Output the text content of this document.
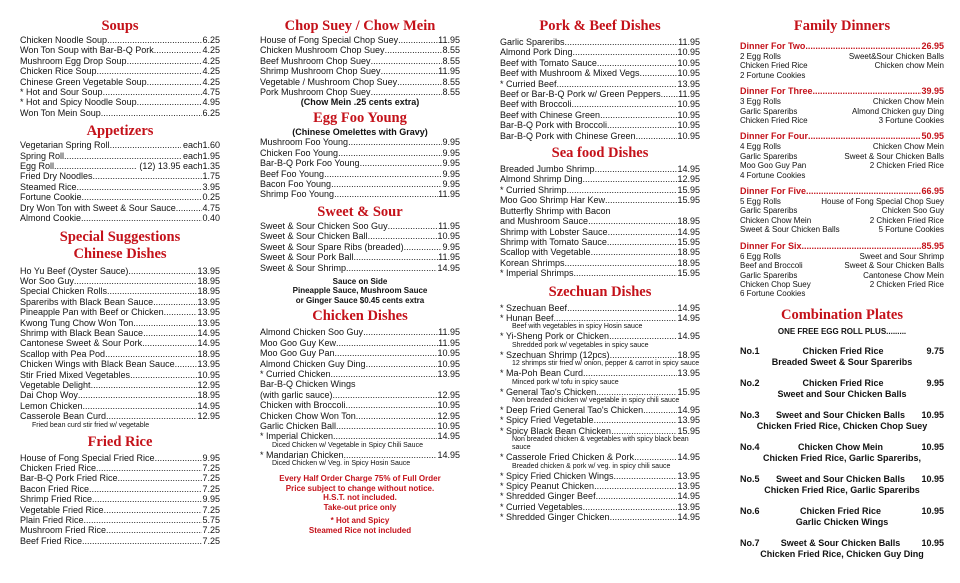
Soups
Chicken Noodle Soup .....	6.25
Won Ton Soup with Bar-B-Q Pork .....	4.25
Mushroom Egg Drop Soup .....	4.25
Chicken Rice Soup .....	4.25
Chinese Green Vegetable Soup .....	4.25
* Hot and Sour Soup .....	4.75
* Hot and Spicy Noodle Soup .....	4.95
Won Ton Mein Soup .....	6.25
Appetizers
Vegetarian Spring Roll .....	each 1.60
Spring Roll .....	each 1.95
Egg Roll .....	(12) 13.95 each 1.35
Fried Dry Noodles .....	1.75
Steamed Rice .....	3.95
Fortune Cookie .....	0.25
Dry Won Ton with Sweet & Sour Sauce .....	4.75
Almond Cookie .....	0.40
Special Suggestions
Chinese Dishes
Ho Yu Beef (Oyster Sauce) .....	13.95
Wor Soo Guy .....	18.95
Special Chicken Rolls .....	18.95
Spareribs with Black Bean Sauce .....	13.95
Pineapple Pan with Beef or Chicken .....	13.95
Kwong Tung Chow Won Ton .....	13.95
Shrimp with Black Bean Sauce .....	14.95
Cantonese Sweet & Sour Pork .....	14.95
Scallop with Pea Pod .....	18.95
Chicken Wings with Black Bean Sauce .....	13.95
Stir Fried Mixed Vegetables .....	10.95
Vegetable Delight .....	12.95
Dai Chop Woy .....	18.95
Lemon Chicken .....	14.95
Casserole Bean Curd .....	12.95
Fried bean curd stir fried w/ vegetable
Fried Rice
House of Fong Special Fried Rice .....	9.95
Chicken Fried Rice .....	7.25
Bar-B-Q Pork Fried Rice .....	7.25
Bacon Fried Rice .....	7.25
Shrimp Fried Rice .....	9.95
Vegetable Fried Rice .....	7.25
Plain Fried Rice .....	5.75
Mushroom Fried Rice .....	7.25
Beef Fried Rice .....	7.25
Chop Suey / Chow Mein
House of Fong Special Chop Suey .....	11.95
Chicken Mushroom Chop Suey .....	8.55
Beef Mushroom Chop Suey .....	8.55
Shrimp Mushroom Chop Suey .....	11.95
Vegetable / Mushroom Chop Suey .....	8.55
Pork Mushroom Chop Suey .....	8.55
(Chow Mein .25 cents extra)
Egg Foo Young
(Chinese Omelettes with Gravy)
Mushroom Foo Young .....	9.95
Chicken Foo Young .....	9.95
Bar-B-Q Pork Foo Young .....	9.95
Beef Foo Young .....	9.95
Bacon Foo Young .....	9.95
Shrimp Foo Young .....	11.95
Sweet & Sour
Sweet & Sour Chicken Soo Guy .....	11.95
Sweet & Sour Chicken Ball .....	10.95
Sweet & Sour Spare Ribs (breaded) .....	9.95
Sweet & Sour Pork Ball .....	11.95
Sweet & Sour Shrimp .....	14.95
Sauce on Side
Pineapple Sauce, Mushroom Sauce
or Ginger Sauce $0.45 cents extra
Chicken Dishes
Almond Chicken Soo Guy .....	11.95
Moo Goo Guy Kew .....	11.95
Moo Goo Guy Pan .....	10.95
Almond Chicken Guy Ding .....	10.95
* Curried Chicken .....	13.95
Bar-B-Q Chicken Wings
(with garlic sauce) .....	12.95
Chicken with Broccoli .....	10.95
Chicken Chow Won Ton .....	12.95
Garlic Chicken Ball .....	10.95
* Imperial Chicken .....	14.95
Diced Chicken w/ Vegetable in Spicy Chili Sauce
* Mandarian Chicken .....	14.95
Diced Chicken w/ Veg. in Spicy Hosin Sauce
Every Half Order Charge 75% of Full Order
Price subject to change without notice.
H.S.T. not included.
Take-out price only
* Hot and Spicy
Steamed Rice not included
Pork & Beef Dishes
Garlic Spareribs .....	11.95
Almond Pork Ding .....	10.95
Beef with Tomato Sauce .....	10.95
Beef with Mushroom & Mixed Vegs. .....	10.95
* Curried Beef .....	13.95
Beef or Bar-B-Q Pork w/ Green Peppers ..... 11.95
Beef with Broccoli .....	10.95
Beef with Chinese Green .....	10.95
Bar-B-Q Pork with Broccoli .....	10.95
Bar-B-Q Pork with Chinese Green .....	10.95
Sea food Dishes
Breaded Jumbo Shrimp .....	14.95
Almond Shrimp Ding .....	12.95
* Curried Shrimp .....	15.95
Moo Goo Shrimp Har Kew .....	15.95
Butterfly Shrimp with Bacon
and Mushroom Sauce .....	18.95
Shrimp with Lobster Sauce .....	14.95
Shrimp with Tomato Sauce .....	15.95
Scallop with Vegetable .....	18.95
Korean Shrimps .....	18.95
* Imperial Shrimps .....	15.95
Szechuan Dishes
* Szechuan Beef .....	14.95
* Hunan Beef .....	14.95
Beef with vegetables in spicy Hosin sauce
* Yi-Sheng Pork or Chicken .....	14.95
Shredded pork w/ vegetables in spicy sauce
* Szechuan Shrimp (12pcs) .....	18.95
12 shrimps stir fried w/ onion, pepper & carrot in spicy sauce
* Ma-Poh Bean Curd .....	13.95
Minced pork w/ tofu in spicy sauce
* General Tao's Chicken .....	15.95
Non breaded chicken w/ vegetable in spicy chili sauce
* Deep Fried General Tao's Chicken .....	14.95
* Spicy Fried Vegetable .....	13.95
* Spicy Black Bean Chicken .....	15.95
Non breaded chicken & vegetables with spicy black bean sauce
* Casserole Fried Chicken & Pork .....	14.95
Breaded chicken & pork w/ veg. in spicy chili sauce
* Spicy Fried Chicken Wings .....	13.95
* Spicy Peanut Chicken .....	13.95
* Shredded Ginger Beef .....	14.95
* Curried Vegetables .....	13.95
* Shredded Ginger Chicken .....	14.95
Family Dinners
Dinner For Two .....	26.95
2 Egg Rolls	Sweet&Sour Chicken Balls
Chicken Fried Rice	Chicken chow Mein
2 Fortune Cookies
Dinner For Three .....	39.95
3 Egg Rolls	Chicken Chow Mein
Garlic Spareribs	Almond Chicken guy Ding
Chicken Fried Rice	3 Fortune Cookies
Dinner For Four .....	50.95
4 Egg Rolls	Chicken Chow Mein
Garlic Spareribs	Sweet & Sour Chicken Balls
Moo Goo Guy Pan	2 Chicken Fried Rice
4 Fortune Cookies
Dinner For Five .....	66.95
5 Egg Rolls	House of Fong Special Chop Suey
Garlic Spareribs	Chicken Soo Guy
Chicken Chow Mein	2 Chicken Fried Rice
Sweet & Sour Chicken Balls	5 Fortune Cookies
Dinner For Six .....	85.95
6 Egg Rolls	Sweet and Sour Shrimp
Beef and Broccoli	Sweet & Sour Chicken Balls
Garlic Spareribs	Cantonese Chow Mein
Chicken Chop Suey	2 Chicken Fried Rice
6 Fortune Cookies
Combination Plates
ONE FREE EGG ROLL PLUS.........
No.1	Chicken Fried Rice	9.75
Breaded Sweet & Sour Spareribs
No.2	Chicken Fried Rice	9.95
Sweet and Sour Chicken Balls
No.3	Sweet and Sour Chicken Balls	10.95
Chicken Fried Rice, Chicken Chop Suey
No.4	Chicken Chow Mein	10.95
Chicken Fried Rice, Garlic Spareribs,
No.5	Sweet and Sour Chicken Balls	10.95
Chicken Fried Rice, Garlic Spareribs
No.6	Chicken Fried Rice	10.95
Garlic Chicken Wings
No.7	Sweet & Sour Chicken Balls	10.95
Chicken Fried Rice, Chicken Guy Ding
